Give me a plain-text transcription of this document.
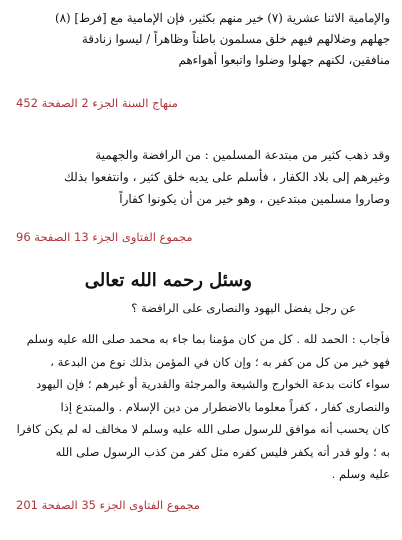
والإمامية الاثنا عشرية (٧) خير منهم بكثير، فإن الإمامية مع [فرط] (٨)
جهلهم وضلالهم فيهم خلق مسلمون باطناً وظاهراً / ليسوا زنادقة
منافقين، لكنهم جهلوا وضلوا واتبعوا أهواءهم
منهاج السنة الجزء 2 الصفحة 452
وقد ذهب كثير من مبتدعة المسلمين : من الرافضة والجهمية
وغيرهم إلى بلاد الكفار ، فأسلم على يديه خلق كثير ، وانتفعوا بذلك
وصاروا مسلمين مبتدعين ، وهو خير من أن يكونوا كفاراً
مجموع الفتاوى الجزء 13 الصفحة 96
وسئل رحمه الله تعالى
عن رجل يفضل اليهود والنصارى على الرافضة ؟
فأجاب : الحمد لله . كل من كان مؤمنا بما جاء به محمد صلى الله عليه وسلم
فهو خير من كل من كفر به ؛ وإن كان في المؤمن بذلك نوع من البدعة ،
سواء كانت بدعة الخوارج والشيعة والمرجئة والقدرية أو غيرهم ؛ فإن اليهود
والنصارى كفار ، كفراً معلوما بالاضطرار من دين الإسلام . والمبتدع إذا
كان يحسب أنه موافق للرسول صلى الله عليه وسلم لا مخالف له لم يكن كافرا
به ؛ ولو قدر أنه يكفر فليس كفره مثل كفر من كذب الرسول صلى الله
عليه وسلم .
مجموع الفتاوى الجزء 35 الصفحة 201
